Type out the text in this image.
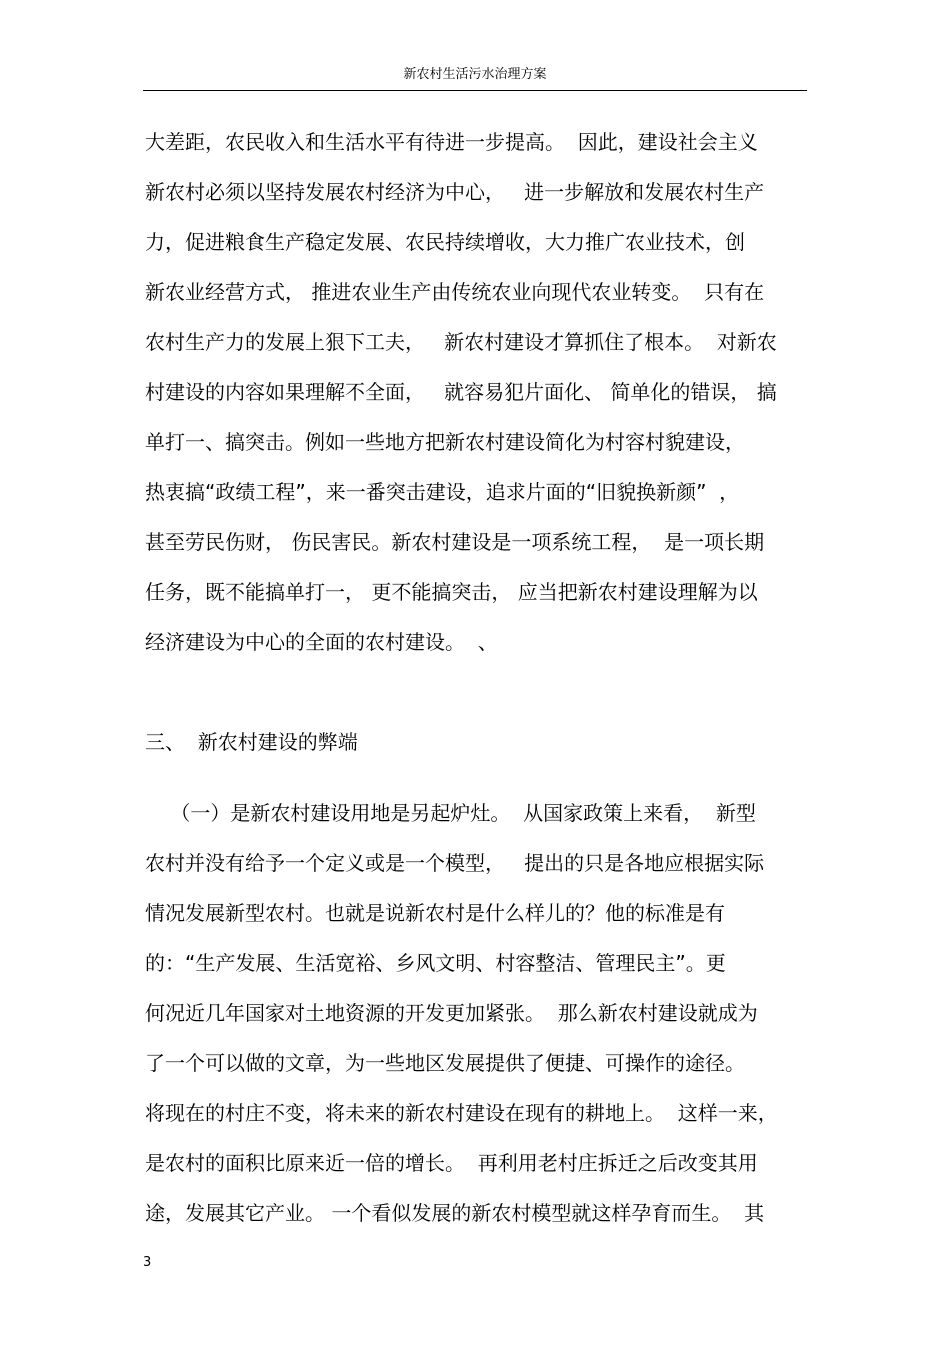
新农村生活污水治理方案
大差距，农民收入和生活水平有待进一步提高。  因此，建设社会主义
新农村必须以坚持发展农村经济为中心，   进一步解放和发展农村生产
力，促进粮食生产稳定发展、农民持续增收，大力推广农业技术，创
新农业经营方式， 推进农业生产由传统农业向现代农业转变。  只有在
农村生产力的发展上狠下工夫，   新农村建设才算抓住了根本。  对新农
村建设的内容如果理解不全面，   就容易犯片面化、 简单化的错误， 搞
单打一、搞突击。例如一些地方把新农村建设简化为村容村貌建设，
热衷搞“政绩工程”，来一番突击建设，追求片面的“旧貌换新颜”  ，
甚至劳民伤财， 伤民害民。新农村建设是一项系统工程，  是一项长期
任务，既不能搞单打一， 更不能搞突击， 应当把新农村建设理解为以
经济建设为中心的全面的农村建设。  、
三、  新农村建设的弊端
（一）是新农村建设用地是另起炉灶。  从国家政策上来看，  新型
农村并没有给予一个定义或是一个模型，   提出的只是各地应根据实际
情况发展新型农村。也就是说新农村是什么样儿的？他的标准是有
的：“生产发展、生活宽裕、乡风文明、村容整洁、管理民主”。更
何况近几年国家对土地资源的开发更加紧张。  那么新农村建设就成为
了一个可以做的文章，为一些地区发展提供了便捷、可操作的途径。
将现在的村庄不变，将未来的新农村建设在现有的耕地上。  这样一来，
是农村的面积比原来近一倍的增长。  再利用老村庄拆迁之后改变其用
途，发展其它产业。 一个看似发展的新农村模型就这样孕育而生。  其
3
